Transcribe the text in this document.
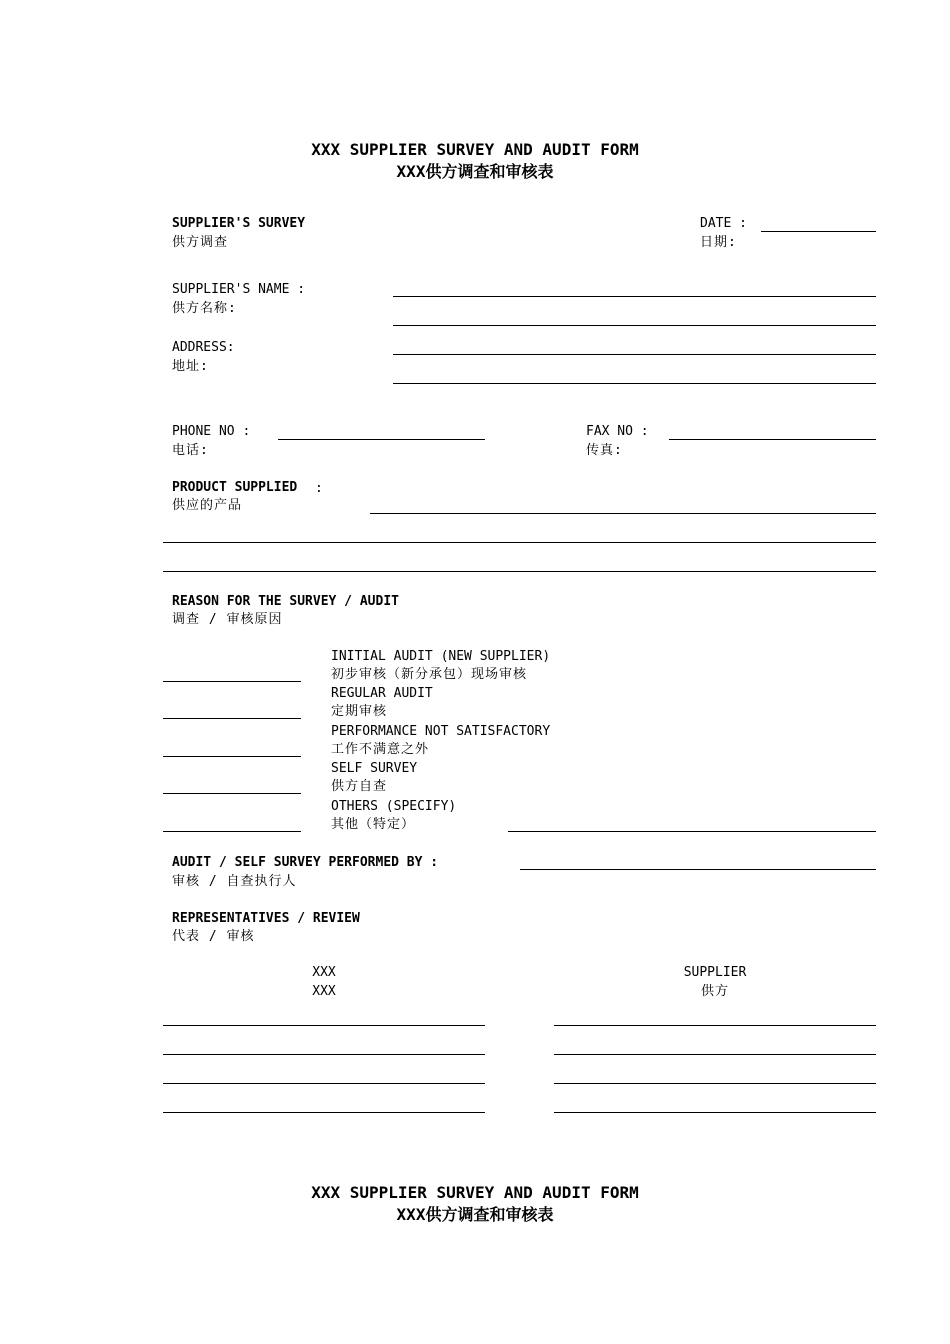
XXX SUPPLIER SURVEY AND AUDIT FORM
XXX供方调查和审核表
SUPPLIER'S SURVEY
供方调查
DATE :
日期:
SUPPLIER'S NAME :
供方名称:
ADDRESS:
地址:
PHONE NO :
电话:
FAX NO :
传真:
PRODUCT SUPPLIED :
供应的产品
REASON FOR THE SURVEY / AUDIT
调查 / 审核原因
INITIAL AUDIT (NEW SUPPLIER)
初步审核（新分承包）现场审核
REGULAR AUDIT
定期审核
PERFORMANCE NOT SATISFACTORY
工作不满意之外
SELF SURVEY
供方自查
OTHERS (SPECIFY)
其他（特定）
AUDIT / SELF SURVEY PERFORMED BY :
审核 / 自查执行人
REPRESENTATIVES / REVIEW
代表 / 审核
XXX
XXX
SUPPLIER
供方
XXX SUPPLIER SURVEY AND AUDIT FORM
XXX供方调查和审核表
